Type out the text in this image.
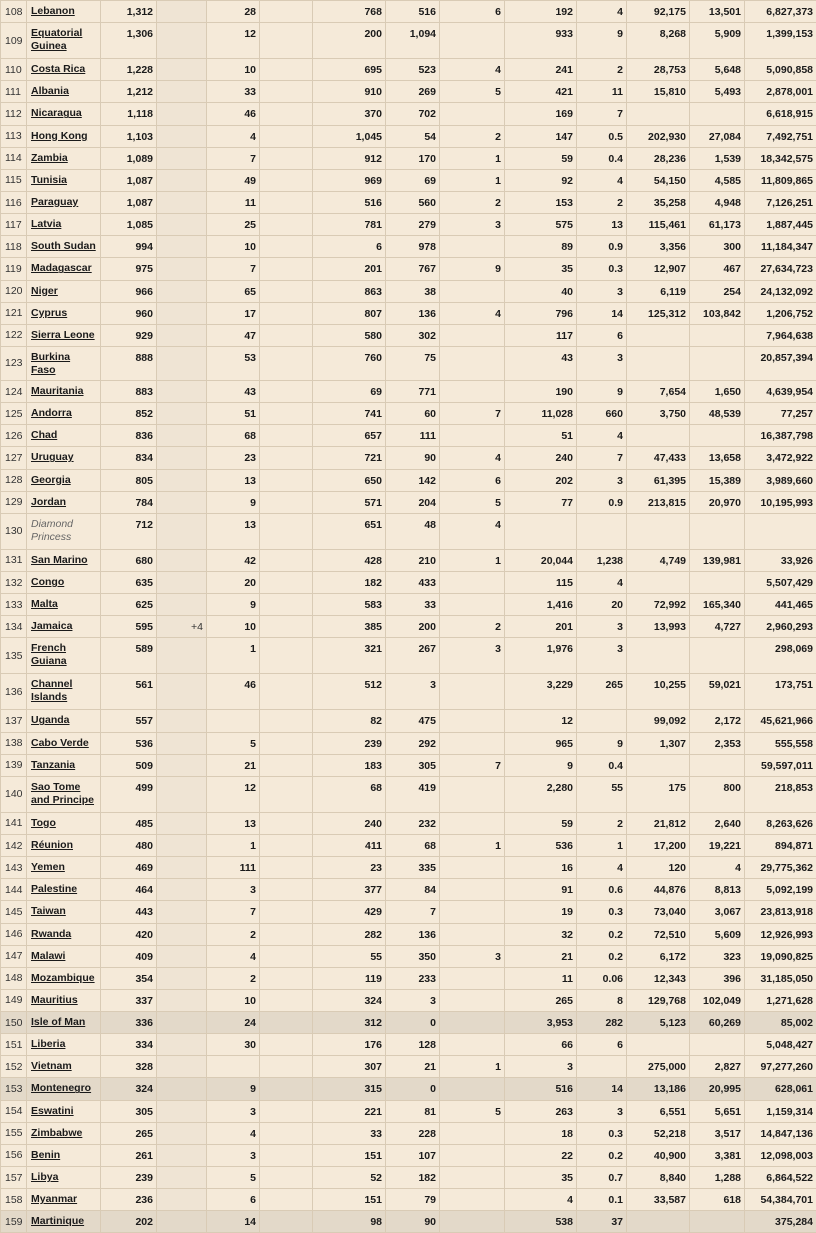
108	Lebanon	1,312		28		768	516	6	192	4	92,175	13,501	6,827,373
109	Equatorial Guinea	1,306		12		200	1,094		933	9	8,268	5,909	1,399,153
110	Costa Rica	1,228		10		695	523	4	241	2	28,753	5,648	5,090,858
111	Albania	1,212		33		910	269	5	421	11	15,810	5,493	2,878,001
112	Nicaragua	1,118		46		370	702		169	7			6,618,915
113	Hong Kong	1,103		4		1,045	54	2	147	0.5	202,930	27,084	7,492,751
114	Zambia	1,089		7		912	170	1	59	0.4	28,236	1,539	18,342,575
115	Tunisia	1,087		49		969	69	1	92	4	54,150	4,585	11,809,865
116	Paraguay	1,087		11		516	560	2	153	2	35,258	4,948	7,126,251
117	Latvia	1,085		25		781	279	3	575	13	115,461	61,173	1,887,445
118	South Sudan	994		10		6	978		89	0.9	3,356	300	11,184,347
119	Madagascar	975		7		201	767	9	35	0.3	12,907	467	27,634,723
120	Niger	966		65		863	38		40	3	6,119	254	24,132,092
121	Cyprus	960		17		807	136	4	796	14	125,312	103,842	1,206,752
122	Sierra Leone	929		47		580	302		117	6			7,964,638
123	Burkina Faso	888		53		760	75		43	3			20,857,394
124	Mauritania	883		43		69	771		190	9	7,654	1,650	4,639,954
125	Andorra	852		51		741	60	7	11,028	660	3,750	48,539	77,257
126	Chad	836		68		657	111		51	4			16,387,798
127	Uruguay	834		23		721	90	4	240	7	47,433	13,658	3,472,922
128	Georgia	805		13		650	142	6	202	3	61,395	15,389	3,989,660
129	Jordan	784		9		571	204	5	77	0.9	213,815	20,970	10,195,993
130	Diamond Princess	712		13		651	48	4					
131	San Marino	680		42		428	210	1	20,044	1,238	4,749	139,981	33,926
132	Congo	635		20		182	433		115	4			5,507,429
133	Malta	625		9		583	33		1,416	20	72,992	165,340	441,465
134	Jamaica	595	+4	10		385	200	2	201	3	13,993	4,727	2,960,293
135	French Guiana	589		1		321	267	3	1,976	3			298,069
136	Channel Islands	561		46		512	3		3,229	265	10,255	59,021	173,751
137	Uganda	557				82	475		12		99,092	2,172	45,621,966
138	Cabo Verde	536		5		239	292		965	9	1,307	2,353	555,558
139	Tanzania	509		21		183	305	7	9	0.4			59,597,011
140	Sao Tome and Principe	499		12		68	419		2,280	55	175	800	218,853
141	Togo	485		13		240	232		59	2	21,812	2,640	8,263,626
142	Réunion	480		1		411	68	1	536	1	17,200	19,221	894,871
143	Yemen	469		111		23	335		16	4	120	4	29,775,362
144	Palestine	464		3		377	84		91	0.6	44,876	8,813	5,092,199
145	Taiwan	443		7		429	7		19	0.3	73,040	3,067	23,813,918
146	Rwanda	420		2		282	136		32	0.2	72,510	5,609	12,926,993
147	Malawi	409		4		55	350	3	21	0.2	6,172	323	19,090,825
148	Mozambique	354		2		119	233		11	0.06	12,343	396	31,185,050
149	Mauritius	337		10		324	3		265	8	129,768	102,049	1,271,628
150	Isle of Man	336		24		312	0		3,953	282	5,123	60,269	85,002
151	Liberia	334		30		176	128		66	6			5,048,427
152	Vietnam	328				307	21	1	3		275,000	2,827	97,277,260
153	Montenegro	324		9		315	0		516	14	13,186	20,995	628,061
154	Eswatini	305		3		221	81	5	263	3	6,551	5,651	1,159,314
155	Zimbabwe	265		4		33	228		18	0.3	52,218	3,517	14,847,136
156	Benin	261		3		151	107		22	0.2	40,900	3,381	12,098,003
157	Libya	239		5		52	182		35	0.7	8,840	1,288	6,864,522
158	Myanmar	236		6		151	79		4	0.1	33,587	618	54,384,701
159	Martinique	202		14		98	90		538	37			375,284
